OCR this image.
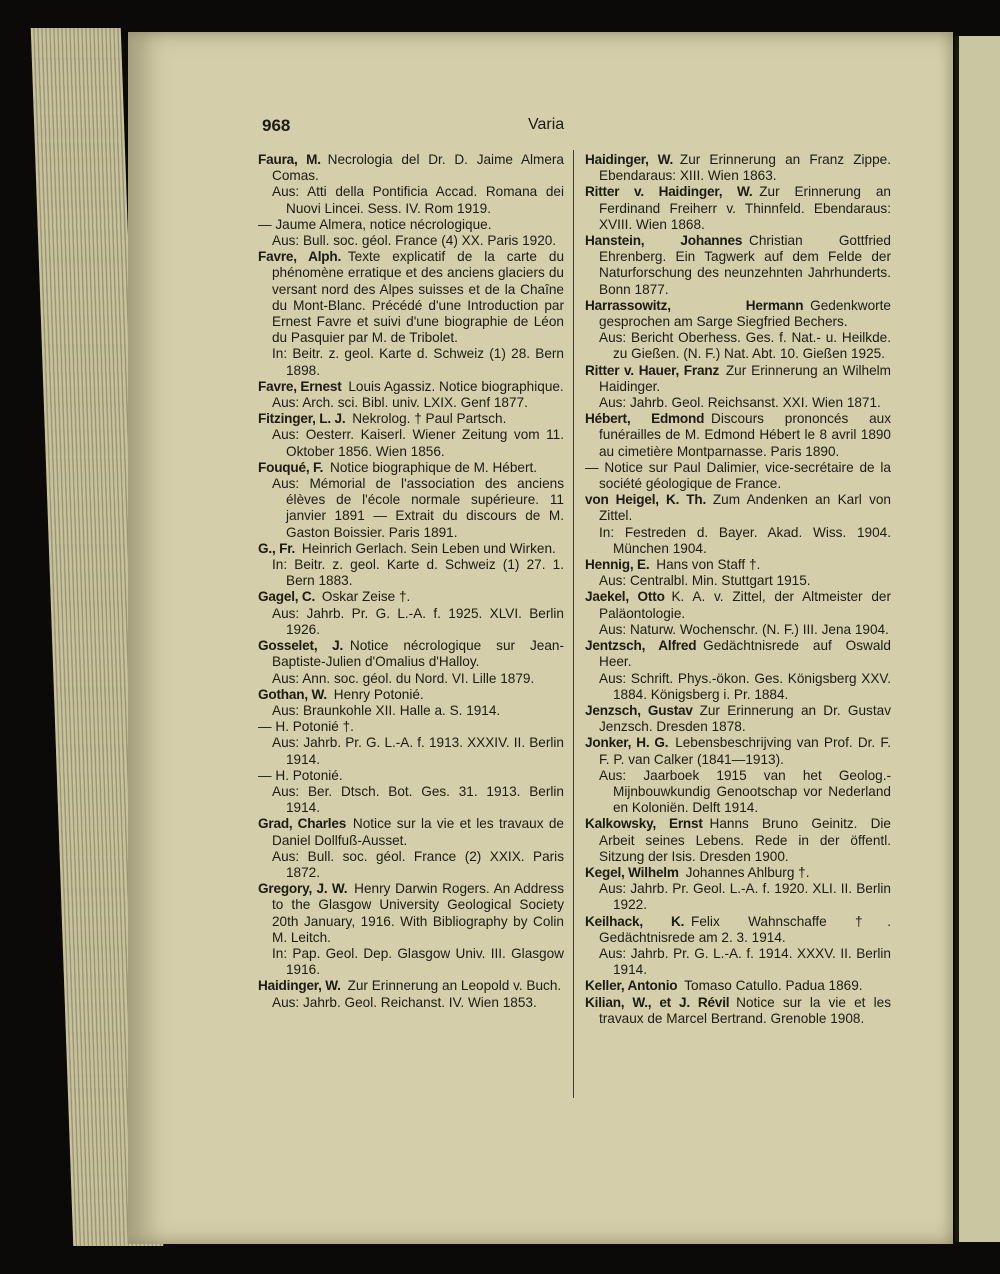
968	Varia
Faura, M.  Necrologia del Dr. D. Jaime Almera Comas.
Aus: Atti della Pontificia Accad. Romana dei Nuovi Lincei. Sess. IV. Rom 1919.
— Jaume Almera, notice nécrologique.
Aus: Bull. soc. géol. France (4) XX. Paris 1920.
Favre, Alph.  Texte explicatif de la carte du phénomène erratique et des anciens glaciers du versant nord des Alpes suisses et de la Chaîne du Mont-Blanc. Précédé d'une Introduction par Ernest Favre et suivi d'une biographie de Léon du Pasquier par M. de Tribolet.
In: Beitr. z. geol. Karte d. Schweiz (1) 28. Bern 1898.
Favre, Ernest  Louis Agassiz. Notice biographique.
Aus: Arch. sci. Bibl. univ. LXIX. Genf 1877.
Fitzinger, L. J.  Nekrolog. † Paul Partsch.
Aus: Oesterr. Kaiserl. Wiener Zeitung vom 11. Oktober 1856. Wien 1856.
Fouqué, F.  Notice biographique de M. Hébert.
Aus: Mémorial de l'association des anciens élèves de l'école normale supérieure. 11 janvier 1891 — Extrait du discours de M. Gaston Boissier. Paris 1891.
G., Fr.  Heinrich Gerlach. Sein Leben und Wirken.
In: Beitr. z. geol. Karte d. Schweiz (1) 27. 1. Bern 1883.
Gagel, C.  Oskar Zeise †.
Aus: Jahrb. Pr. G. L.-A. f. 1925. XLVI. Berlin 1926.
Gosselet, J.  Notice nécrologique sur Jean-Baptiste-Julien d'Omalius d'Halloy.
Aus: Ann. soc. géol. du Nord. VI. Lille 1879.
Gothan, W.  Henry Potonié.
Aus: Braunkohle XII. Halle a. S. 1914.
— H. Potonié †.
Aus: Jahrb. Pr. G. L.-A. f. 1913. XXXIV. II. Berlin 1914.
— H. Potonié.
Aus: Ber. Dtsch. Bot. Ges. 31. 1913. Berlin 1914.
Grad, Charles  Notice sur la vie et les travaux de Daniel Dollfuß-Ausset.
Aus: Bull. soc. géol. France (2) XXIX. Paris 1872.
Gregory, J. W.  Henry Darwin Rogers. An Address to the Glasgow University Geological Society 20th January, 1916. With Bibliography by Colin M. Leitch.
In: Pap. Geol. Dep. Glasgow Univ. III. Glasgow 1916.
Haidinger, W.  Zur Erinnerung an Leopold v. Buch.
Aus: Jahrb. Geol. Reichanst. IV. Wien 1853.
Haidinger, W.  Zur Erinnerung an Franz Zippe. Ebendaraus: XIII. Wien 1863.
Ritter v. Haidinger, W.  Zur Erinnerung an Ferdinand Freiherr v. Thinnfeld. Ebendaraus: XVIII. Wien 1868.
Hanstein, Johannes  Christian Gottfried Ehrenberg. Ein Tagwerk auf dem Felde der Naturforschung des neunzehnten Jahrhunderts. Bonn 1877.
Harrassowitz, Hermann  Gedenkworte gesprochen am Sarge Siegfried Bechers.
Aus: Bericht Oberhess. Ges. f. Nat.- u. Heilkde. zu Gießen. (N. F.) Nat. Abt. 10. Gießen 1925.
Ritter v. Hauer, Franz  Zur Erinnerung an Wilhelm Haidinger.
Aus: Jahrb. Geol. Reichsanst. XXI. Wien 1871.
Hébert, Edmond  Discours prononcés aux funérailles de M. Edmond Hébert le 8 avril 1890 au cimetière Montparnasse. Paris 1890.
— Notice sur Paul Dalimier, vice-secrétaire de la société géologique de France.
von Heigel, K. Th.  Zum Andenken an Karl von Zittel.
In: Festreden d. Bayer. Akad. Wiss. 1904. München 1904.
Hennig, E.  Hans von Staff †.
Aus: Centralbl. Min. Stuttgart 1915.
Jaekel, Otto  K. A. v. Zittel, der Altmeister der Paläontologie.
Aus: Naturw. Wochenschr. (N. F.) III. Jena 1904.
Jentzsch, Alfred  Gedächtnisrede auf Oswald Heer.
Aus: Schrift. Phys.-ökon. Ges. Königsberg XXV. 1884. Königsberg i. Pr. 1884.
Jenzsch, Gustav  Zur Erinnerung an Dr. Gustav Jenzsch. Dresden 1878.
Jonker, H. G.  Lebensbeschrijving van Prof. Dr. F. F. P. van Calker (1841—1913).
Aus: Jaarboek 1915 van het Geolog.-Mijnbouwkundig Genootschap vor Nederland en Koloniën. Delft 1914.
Kalkowsky, Ernst  Hanns Bruno Geinitz. Die Arbeit seines Lebens. Rede in der öffentl. Sitzung der Isis. Dresden 1900.
Kegel, Wilhelm  Johannes Ahlburg †.
Aus: Jahrb. Pr. Geol. L.-A. f. 1920. XLI. II. Berlin 1922.
Keilhack, K.  Felix Wahnschaffe †. Gedächtnisrede am 2. 3. 1914.
Aus: Jahrb. Pr. G. L.-A. f. 1914. XXXV. II. Berlin 1914.
Keller, Antonio  Tomaso Catullo. Padua 1869.
Kilian, W., et J. Révil  Notice sur la vie et les travaux de Marcel Bertrand. Grenoble 1908.
